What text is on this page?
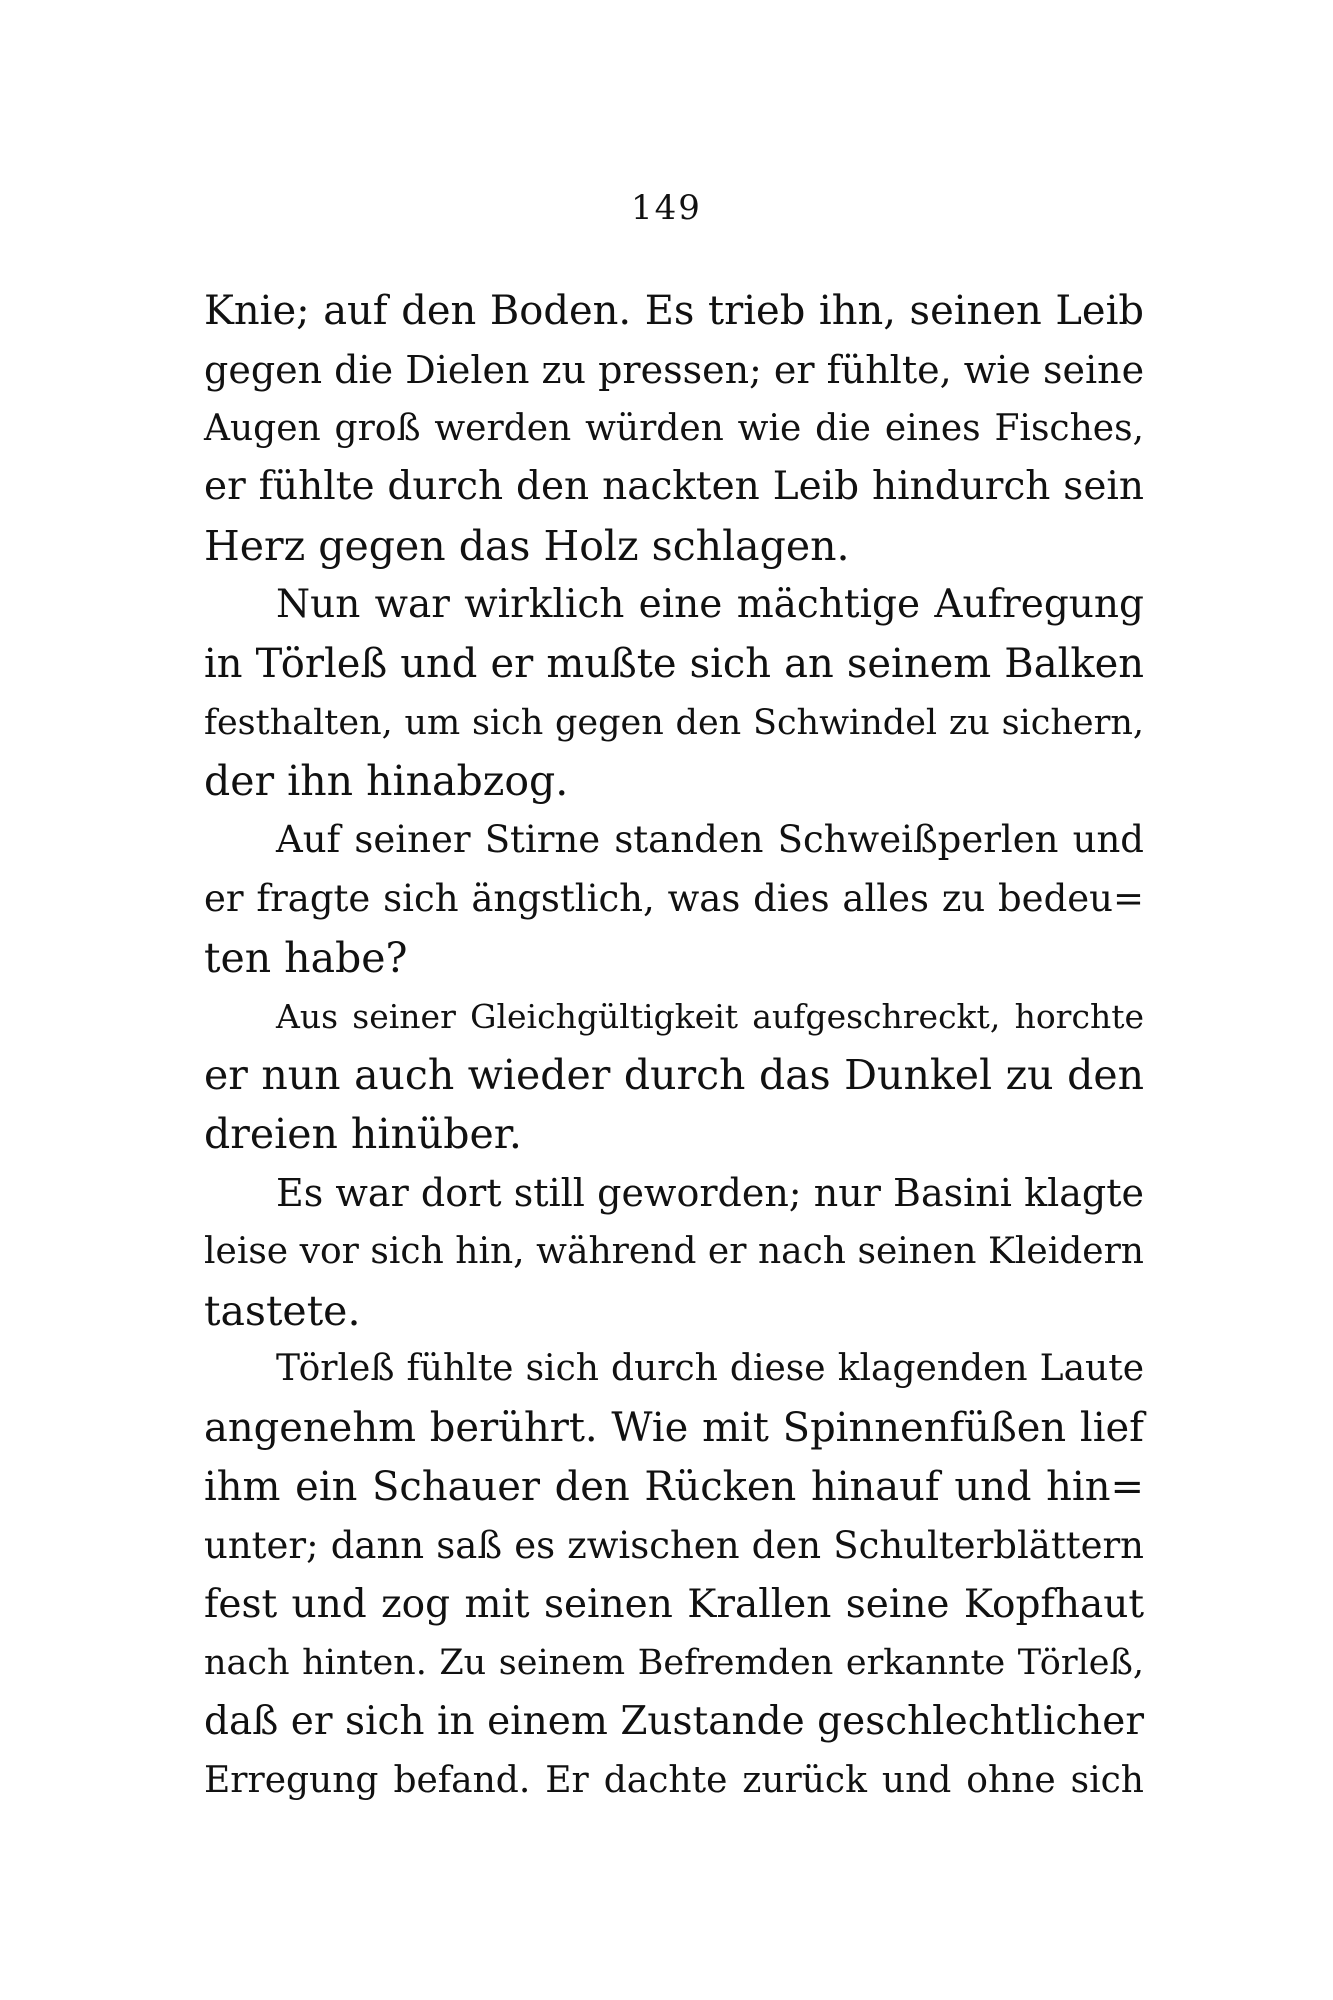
149
Knie; auf den Boden. Es trieb ihn, seinen Leib
gegen die Dielen zu pressen; er fühlte, wie seine
Augen groß werden würden wie die eines Fisches,
er fühlte durch den nackten Leib hindurch sein
Herz gegen das Holz schlagen.
Nun war wirklich eine mächtige Aufregung
in Törleß und er mußte sich an seinem Balken
festhalten, um sich gegen den Schwindel zu sichern,
der ihn hinabzog.
Auf seiner Stirne standen Schweißperlen und
er fragte sich ängstlich, was dies alles zu bedeu=
ten habe?
Aus seiner Gleichgültigkeit aufgeschreckt, horchte
er nun auch wieder durch das Dunkel zu den
dreien hinüber.
Es war dort still geworden; nur Basini klagte
leise vor sich hin, während er nach seinen Kleidern
tastete.
Törleß fühlte sich durch diese klagenden Laute
angenehm berührt. Wie mit Spinnenfüßen lief
ihm ein Schauer den Rücken hinauf und hin=
unter; dann saß es zwischen den Schulterblättern
fest und zog mit seinen Krallen seine Kopfhaut
nach hinten. Zu seinem Befremden erkannte Törleß,
daß er sich in einem Zustande geschlechtlicher
Erregung befand. Er dachte zurück und ohne sich
